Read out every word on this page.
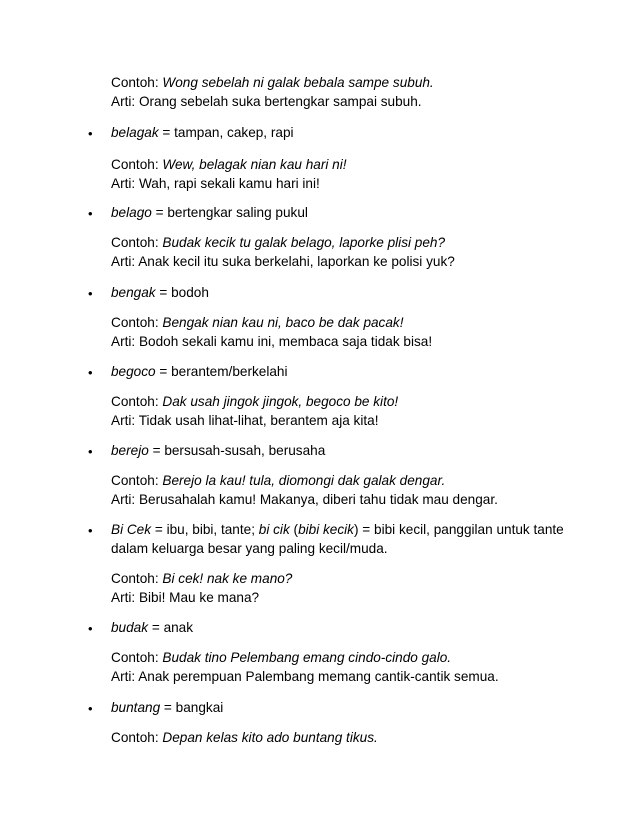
Contoh: Wong sebelah ni galak bebala sampe subuh.
Arti: Orang sebelah suka bertengkar sampai subuh.
• belagak = tampan, cakep, rapi
Contoh: Wew, belagak nian kau hari ni!
Arti: Wah, rapi sekali kamu hari ini!
• belago = bertengkar saling pukul
Contoh: Budak kecik tu galak belago, laporke plisi peh?
Arti: Anak kecil itu suka berkelahi, laporkan ke polisi yuk?
• bengak = bodoh
Contoh: Bengak nian kau ni, baco be dak pacak!
Arti: Bodoh sekali kamu ini, membaca saja tidak bisa!
• begoco = berantem/berkelahi
Contoh: Dak usah jingok jingok, begoco be kito!
Arti: Tidak usah lihat-lihat, berantem aja kita!
• berejo = bersusah-susah, berusaha
Contoh: Berejo la kau! tula, diomongi dak galak dengar.
Arti: Berusahalah kamu! Makanya, diberi tahu tidak mau dengar.
• Bi Cek = ibu, bibi, tante; bi cik (bibi kecik) = bibi kecil, panggilan untuk tante dalam keluarga besar yang paling kecil/muda.
Contoh: Bi cek! nak ke mano?
Arti: Bibi! Mau ke mana?
• budak = anak
Contoh: Budak tino Pelembang emang cindo-cindo galo.
Arti: Anak perempuan Palembang memang cantik-cantik semua.
• buntang = bangkai
Contoh: Depan kelas kito ado buntang tikus.
